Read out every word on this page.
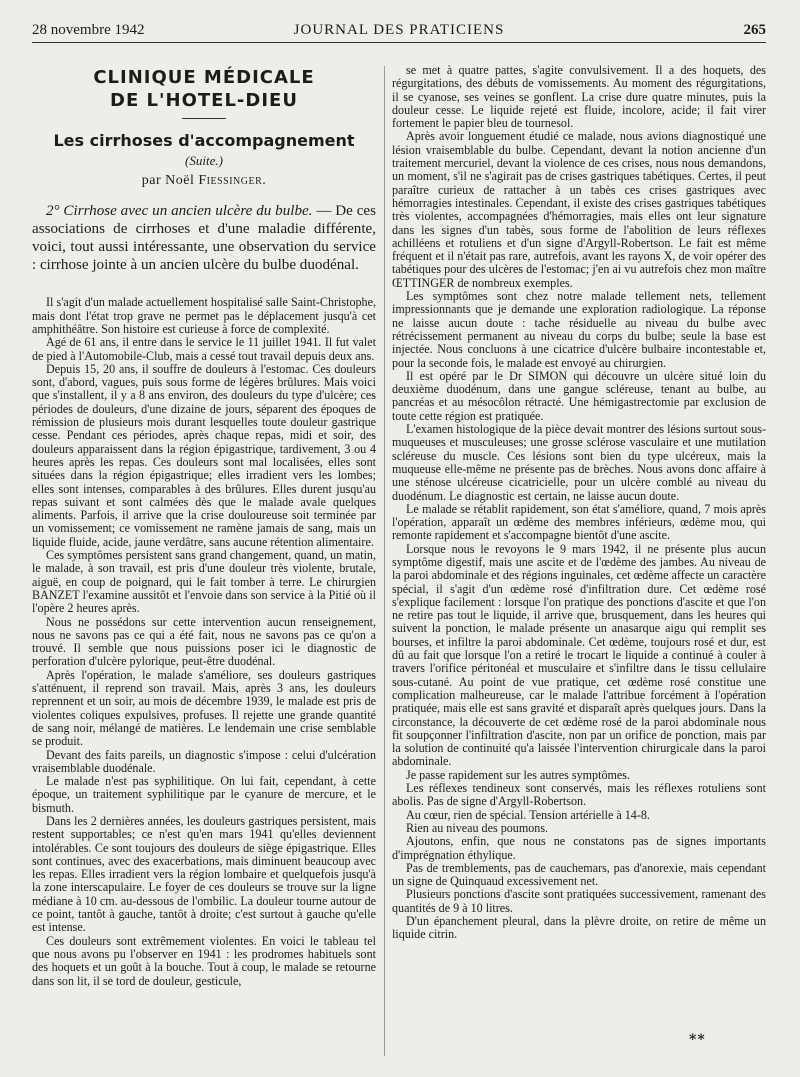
28 novembre 1942	JOURNAL DES PRATICIENS	265
CLINIQUE MÉDICALE
DE L'HOTEL-DIEU
Les cirrhoses d'accompagnement
(Suite.)
par Noël Fiessinger.

2° Cirrhose avec un ancien ulcère du bulbe. — De ces associations de cirrhoses et d'une maladie différente, voici, tout aussi intéressante, une observation du service : cirrhose jointe à un ancien ulcère du bulbe duodénal.

Il s'agit d'un malade actuellement hospitalisé salle Saint-Christophe, mais dont l'état trop grave ne permet pas le déplacement jusqu'à cet amphithéâtre. Son histoire est curieuse à force de complexité.

Agé de 61 ans, il entre dans le service le 11 juillet 1941. Il fut valet de pied à l'Automobile-Club, mais a cessé tout travail depuis deux ans.

Depuis 15, 20 ans, il souffre de douleurs à l'estomac. Ces douleurs sont, d'abord, vagues, puis sous forme de légères brûlures. Mais voici que s'installent, il y a 8 ans environ, des douleurs du type d'ulcère; ces périodes de douleurs, d'une dizaine de jours, séparent des époques de rémission de plusieurs mois durant lesquelles toute douleur gastrique cesse. Pendant ces périodes, après chaque repas, midi et soir, des douleurs apparaissent dans la région épigastrique, tardivement, 3 ou 4 heures après les repas. Ces douleurs sont mal localisées, elles sont situées dans la région épigastrique; elles irradient vers les lombes; elles sont intenses, comparables à des brûlures. Elles durent jusqu'au repas suivant et sont calmées dès que le malade avale quelques aliments. Parfois, il arrive que la crise douloureuse soit terminée par un vomissement; ce vomissement ne ramène jamais de sang, mais un liquide fluide, acide, jaune verdâtre, sans aucune rétention alimentaire.

Ces symptômes persistent sans grand changement, quand, un matin, le malade, à son travail, est pris d'une douleur très violente, brutale, aiguë, en coup de poignard, qui le fait tomber à terre. Le chirurgien BANZET l'examine aussitôt et l'envoie dans son service à la Pitié où il l'opère 2 heures après.

Nous ne possédons sur cette intervention aucun renseignement, nous ne savons pas ce qui a été fait, nous ne savons pas ce qu'on a trouvé. Il semble que nous puissions poser ici le diagnostic de perforation d'ulcère pylorique, peut-être duodénal.

Après l'opération, le malade s'améliore, ses douleurs gastriques s'atténuent, il reprend son travail. Mais, après 3 ans, les douleurs reprennent et un soir, au mois de décembre 1939, le malade est pris de violentes coliques expulsives, profuses. Il rejette une grande quantité de sang noir, mélangé de matières. Le lendemain une crise semblable se produit.

Devant des faits pareils, un diagnostic s'impose : celui d'ulcération vraisemblable duodénale.

Le malade n'est pas syphilitique. On lui fait, cependant, à cette époque, un traitement syphilitique par le cyanure de mercure, et le bismuth.

Dans les 2 dernières années, les douleurs gastriques persistent, mais restent supportables; ce n'est qu'en mars 1941 qu'elles deviennent intolérables. Ce sont toujours des douleurs de siège épigastrique. Elles sont continues, avec des exacerbations, mais diminuent beaucoup avec les repas. Elles irradient vers la région lombaire et quelquefois jusqu'à la zone interscapulaire. Le foyer de ces douleurs se trouve sur la ligne médiane à 10 cm. au-dessous de l'ombilic. La douleur tourne autour de ce point, tantôt à gauche, tantôt à droite; c'est surtout à gauche qu'elle est intense.

Ces douleurs sont extrêmement violentes. En voici le tableau tel que nous avons pu l'observer en 1941 : les prodromes habituels sont des hoquets et un goût à la bouche. Tout à coup, le malade se retourne dans son lit, il se tord de douleur, gesticule,

se met à quatre pattes, s'agite convulsivement. Il a des hoquets, des régurgitations, des débuts de vomissements. Au moment des régurgitations, il se cyanose, ses veines se gonflent. La crise dure quatre minutes, puis la douleur cesse. Le liquide rejeté est fluide, incolore, acide; il fait virer fortement le papier bleu de tournesol.

Après avoir longuement étudié ce malade, nous avions diagnostiqué une lésion vraisemblable du bulbe. Cependant, devant la notion ancienne d'un traitement mercuriel, devant la violence de ces crises, nous nous demandons, un moment, s'il ne s'agirait pas de crises gastriques tabétiques. Certes, il peut paraître curieux de rattacher à un tabès ces crises gastriques avec hémorragies intestinales. Cependant, il existe des crises gastriques tabétiques très violentes, accompagnées d'hémorragies, mais elles ont leur signature dans les signes d'un tabès, sous forme de l'abolition de leurs réflexes achilléens et rotuliens et d'un signe d'Argyll-Robertson. Le fait est même fréquent et il n'était pas rare, autrefois, avant les rayons X, de voir opérer des tabétiques pour des ulcères de l'estomac; j'en ai vu autrefois chez mon maître ŒTTINGER de nombreux exemples.

Les symptômes sont chez notre malade tellement nets, tellement impressionnants que je demande une exploration radiologique. La réponse ne laisse aucun doute : tache résiduelle au niveau du bulbe avec rétrécissement permanent au niveau du corps du bulbe; seule la base est injectée. Nous concluons à une cicatrice d'ulcère bulbaire incontestable et, pour la seconde fois, le malade est envoyé au chirurgien.

Il est opéré par le Dr SIMON qui découvre un ulcère situé loin du deuxième duodénum, dans une gangue scléreuse, tenant au bulbe, au pancréas et au mésocôlon rétracté. Une hémigastrectomie par exclusion de toute cette région est pratiquée.

L'examen histologique de la pièce devait montrer des lésions surtout sous-muqueuses et musculeuses; une grosse sclérose vasculaire et une mutilation scléreuse du muscle. Ces lésions sont bien du type ulcéreux, mais la muqueuse elle-même ne présente pas de brèches. Nous avons donc affaire à une sténose ulcéreuse cicatricielle, pour un ulcère comblé au niveau du duodénum. Le diagnostic est certain, ne laisse aucun doute.

Le malade se rétablit rapidement, son état s'améliore, quand, 7 mois après l'opération, apparaît un œdème des membres inférieurs, œdème mou, qui remonte rapidement et s'accompagne bientôt d'une ascite.

Lorsque nous le revoyons le 9 mars 1942, il ne présente plus aucun symptôme digestif, mais une ascite et de l'œdème des jambes. Au niveau de la paroi abdominale et des régions inguinales, cet œdème affecte un caractère spécial, il s'agit d'un œdème rosé d'infiltration dure. Cet œdème rosé s'explique facilement : lorsque l'on pratique des ponctions d'ascite et que l'on ne retire pas tout le liquide, il arrive que, brusquement, dans les heures qui suivent la ponction, le malade présente un anasarque aigu qui remplit ses bourses, et infiltre la paroi abdominale. Cet œdème, toujours rosé et dur, est dû au fait que lorsque l'on a retiré le trocart le liquide a continué à couler à travers l'orifice péritonéal et musculaire et s'infiltre dans le tissu cellulaire sous-cutané. Au point de vue pratique, cet œdème rosé constitue une complication malheureuse, car le malade l'attribue forcément à l'opération pratiquée, mais elle est sans gravité et disparaît après quelques jours. Dans la circonstance, la découverte de cet œdème rosé de la paroi abdominale nous fit soupçonner l'infiltration d'ascite, non par un orifice de ponction, mais par la solution de continuité qu'a laissée l'intervention chirurgicale dans la paroi abdominale.

Je passe rapidement sur les autres symptômes.

Les réflexes tendineux sont conservés, mais les réflexes rotuliens sont abolis. Pas de signe d'Argyll-Robertson.

Au cœur, rien de spécial. Tension artérielle à 14-8.

Rien au niveau des poumons.

Ajoutons, enfin, que nous ne constatons pas de signes importants d'imprégnation éthylique.

Pas de tremblements, pas de cauchemars, pas d'anorexie, mais cependant un signe de Quinquaud excessivement net.

Plusieurs ponctions d'ascite sont pratiquées successivement, ramenant des quantités de 9 à 10 litres.

D'un épanchement pleural, dans la plèvre droite, on retire de même un liquide citrin.

**
